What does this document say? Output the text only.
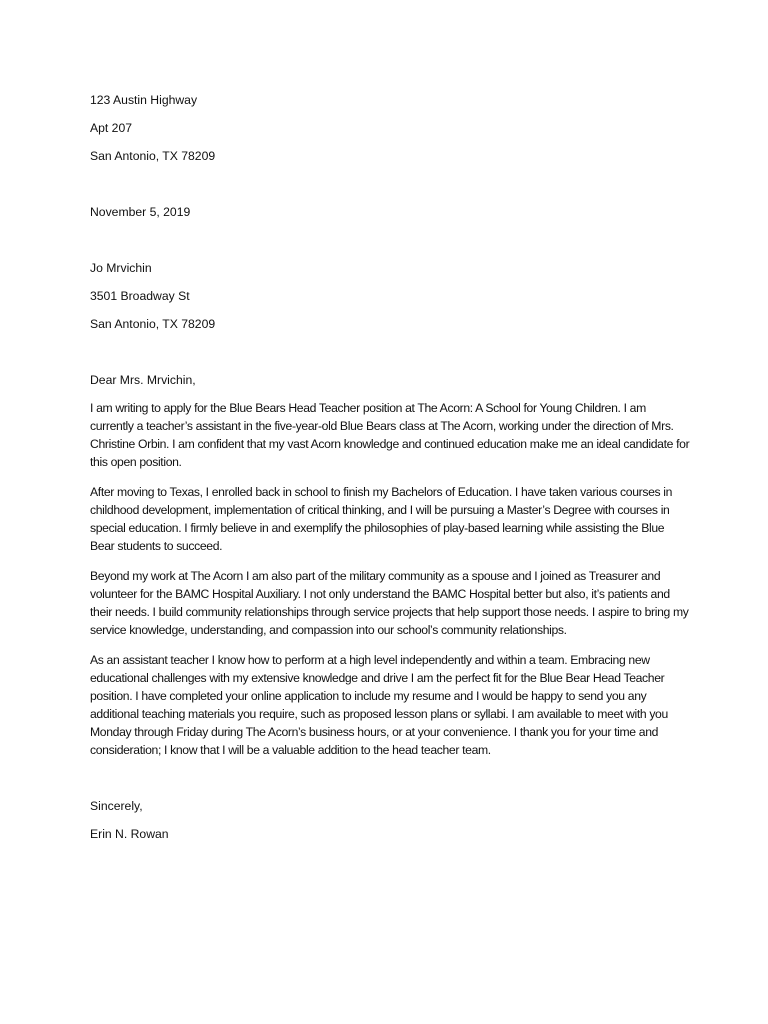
123 Austin Highway
Apt 207
San Antonio, TX 78209
November 5, 2019
Jo Mrvichin
3501 Broadway St
San Antonio, TX 78209
Dear Mrs. Mrvichin,

I am writing to apply for the Blue Bears Head Teacher position at The Acorn: A School for Young Children. I am currently a teacher’s assistant in the five-year-old Blue Bears class at The Acorn, working under the direction of Mrs. Christine Orbin. I am confident that my vast Acorn knowledge and continued education make me an ideal candidate for this open position.

After moving to Texas, I enrolled back in school to finish my Bachelors of Education. I have taken various courses in childhood development, implementation of critical thinking, and I will be pursuing a Master’s Degree with courses in special education. I firmly believe in and exemplify the philosophies of play-based learning while assisting the Blue Bear students to succeed.

Beyond my work at The Acorn I am also part of the military community as a spouse and I joined as Treasurer and volunteer for the BAMC Hospital Auxiliary. I not only understand the BAMC Hospital better but also, it’s patients and their needs. I build community relationships through service projects that help support those needs. I aspire to bring my service knowledge, understanding, and compassion into our school’s community relationships.

As an assistant teacher I know how to perform at a high level independently and within a team. Embracing new educational challenges with my extensive knowledge and drive I am the perfect fit for the Blue Bear Head Teacher position. I have completed your online application to include my resume and I would be happy to send you any additional teaching materials you require, such as proposed lesson plans or syllabi. I am available to meet with you Monday through Friday during The Acorn’s business hours, or at your convenience. I thank you for your time and consideration; I know that I will be a valuable addition to the head teacher team.

Sincerely,
Erin N. Rowan
